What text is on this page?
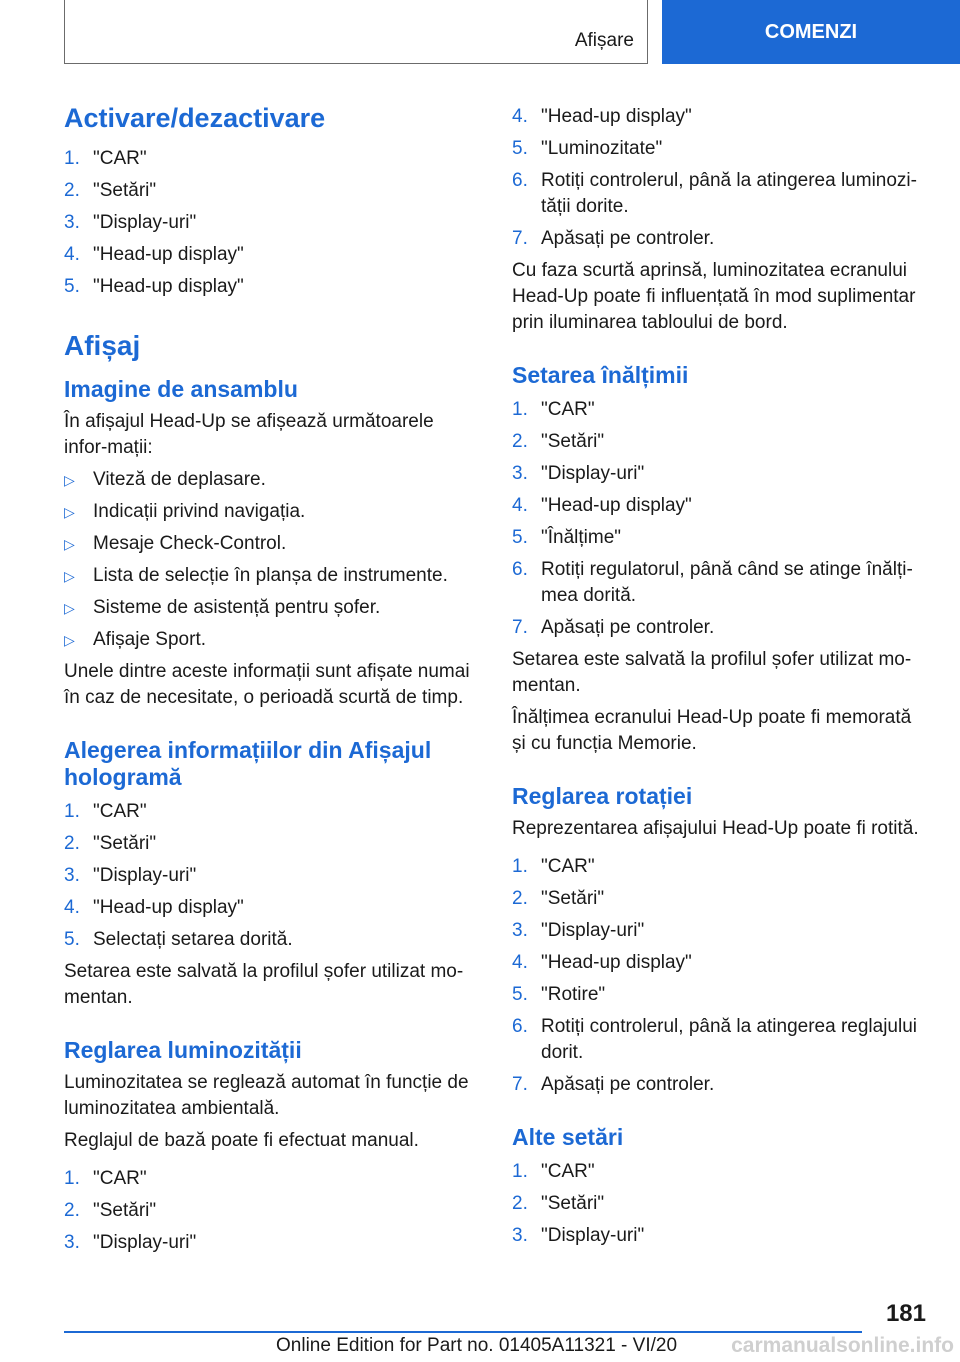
Afișare	COMENZI
Activare/dezactivare
1. "CAR"
2. "Setări"
3. "Display-uri"
4. "Head-up display"
5. "Head-up display"
Afișaj
Imagine de ansamblu

În afișajul Head-Up se afișează următoarele infor-mații:

▷ Viteză de deplasare.
▷ Indicații privind navigația.
▷ Mesaje Check-Control.
▷ Lista de selecție în planșa de instrumente.
▷ Sisteme de asistență pentru șofer.
▷ Afișaje Sport.

Unele dintre aceste informații sunt afișate numai în caz de necesitate, o perioadă scurtă de timp.

Alegerea informațiilor din Afișajul hologramă
1. "CAR"
2. "Setări"
3. "Display-uri"
4. "Head-up display"
5. Selectați setarea dorită.

Setarea este salvată la profilul șofer utilizat mo-mentan.

Reglarea luminozității

Luminozitatea se reglează automat în funcție de luminozitatea ambientală.

Reglajul de bază poate fi efectuat manual.

1. "CAR"
2. "Setări"
3. "Display-uri"
4. "Head-up display"
5. "Luminozitate"
6. Rotiți controlerul, până la atingerea luminozi-tății dorite.
7. Apăsați pe controler.

Cu faza scurtă aprinsă, luminozitatea ecranului Head-Up poate fi influențată în mod suplimentar prin iluminarea tabloului de bord.

Setarea înălțimii
1. "CAR"
2. "Setări"
3. "Display-uri"
4. "Head-up display"
5. "Înălțime"
6. Rotiți regulatorul, până când se atinge înălți-mea dorită.
7. Apăsați pe controler.

Setarea este salvată la profilul șofer utilizat mo-mentan.

Înălțimea ecranului Head-Up poate fi memorată și cu funcția Memorie.

Reglarea rotației

Reprezentarea afișajului Head-Up poate fi rotită.

1. "CAR"
2. "Setări"
3. "Display-uri"
4. "Head-up display"
5. "Rotire"
6. Rotiți controlerul, până la atingerea reglajului dorit.
7. Apăsați pe controler.
Alte setări
1. "CAR"
2. "Setări"
3. "Display-uri"
181
Online Edition for Part no. 01405A11321 - VI/20	carmanualsonline.info
